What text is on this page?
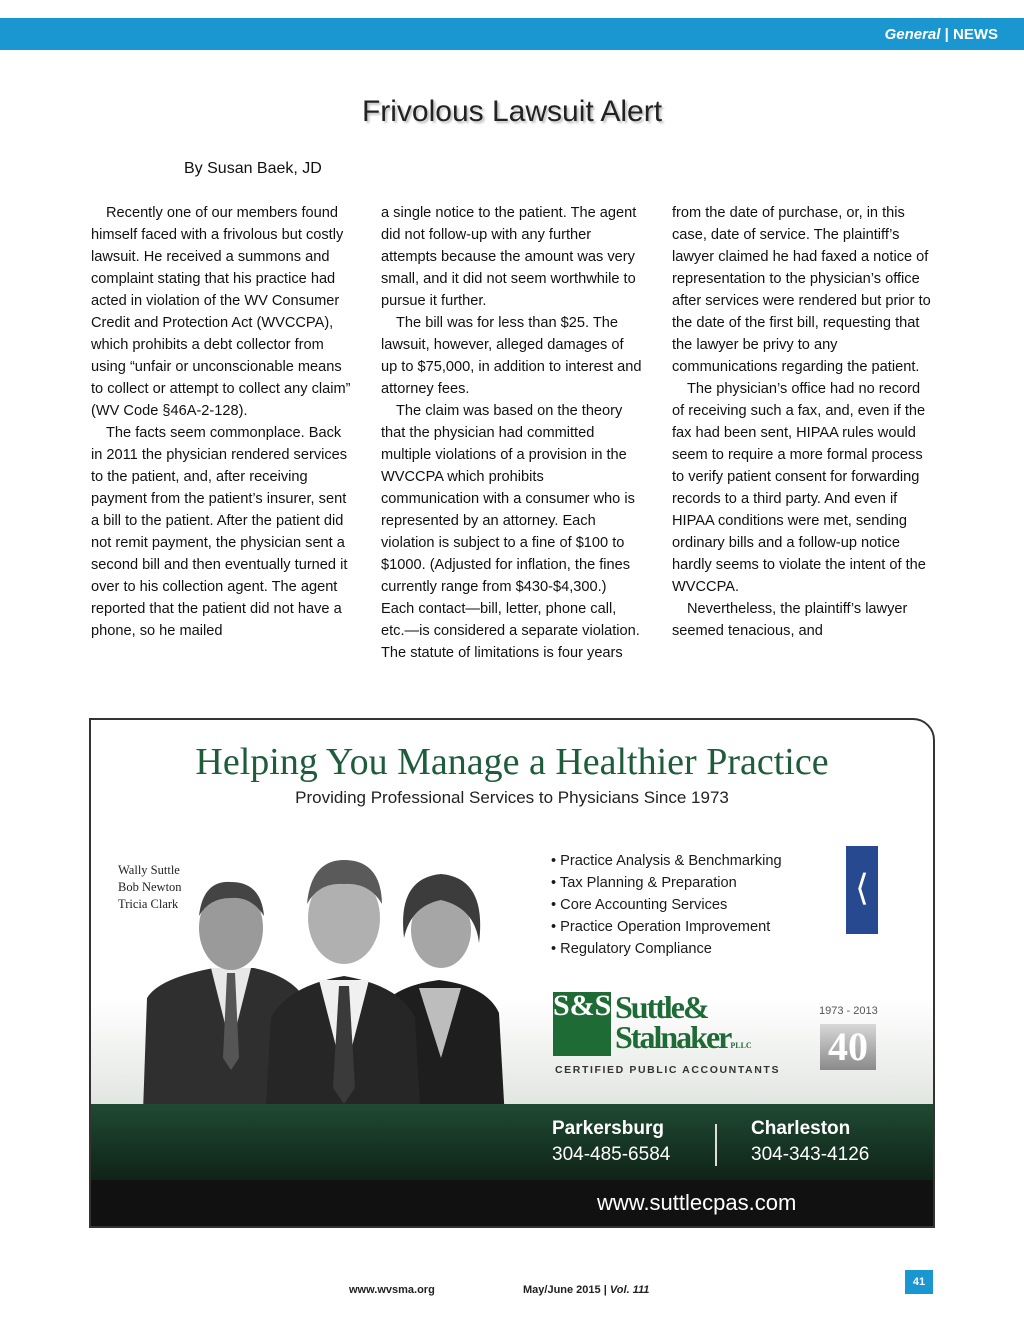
General | NEWS
Frivolous Lawsuit Alert
By Susan Baek, JD

Recently one of our members found himself faced with a frivolous but costly lawsuit. He received a summons and complaint stating that his practice had acted in violation of the WV Consumer Credit and Protection Act (WVCCPA), which prohibits a debt collector from using “unfair or unconscionable means to collect or attempt to collect any claim” (WV Code §46A-2-128).

The facts seem commonplace. Back in 2011 the physician rendered services to the patient, and, after receiving payment from the patient’s insurer, sent a bill to the patient. After the patient did not remit payment, the physician sent a second bill and then eventually turned it over to his collection agent. The agent reported that the patient did not have a phone, so he mailed

a single notice to the patient. The agent did not follow-up with any further attempts because the amount was very small, and it did not seem worthwhile to pursue it further.

The bill was for less than $25. The lawsuit, however, alleged damages of up to $75,000, in addition to interest and attorney fees.

The claim was based on the theory that the physician had committed multiple violations of a provision in the WVCCPA which prohibits communication with a consumer who is represented by an attorney. Each violation is subject to a fine of $100 to $1000. (Adjusted for inflation, the fines currently range from $430-$4,300.) Each contact—bill, letter, phone call, etc.—is considered a separate violation. The statute of limitations is four years

from the date of purchase, or, in this case, date of service. The plaintiff’s lawyer claimed he had faxed a notice of representation to the physician’s office after services were rendered but prior to the date of the first bill, requesting that the lawyer be privy to any communications regarding the patient.

The physician’s office had no record of receiving such a fax, and, even if the fax had been sent, HIPAA rules would seem to require a more formal process to verify patient consent for forwarding records to a third party. And even if HIPAA conditions were met, sending ordinary bills and a follow-up notice hardly seems to violate the intent of the WVCCPA.

Nevertheless, the plaintiff’s lawyer seemed tenacious, and

Helping You Manage a Healthier Practice
Providing Professional Services to Physicians Since 1973
Wally Suttle
Bob Newton
Tricia Clark
• Practice Analysis & Benchmarking
• Tax Planning & Preparation
• Core Accounting Services
• Practice Operation Improvement
• Regulatory Compliance
⟨
S&S Suttle&
StalnakerPLLC
CERTIFIED PUBLIC ACCOUNTANTS
1973 - 2013
40
Parkersburg
304-485-6584
Charleston
304-343-4126
www.suttlecpas.com
www.wvsma.org	May/June 2015 | Vol. 111
41
